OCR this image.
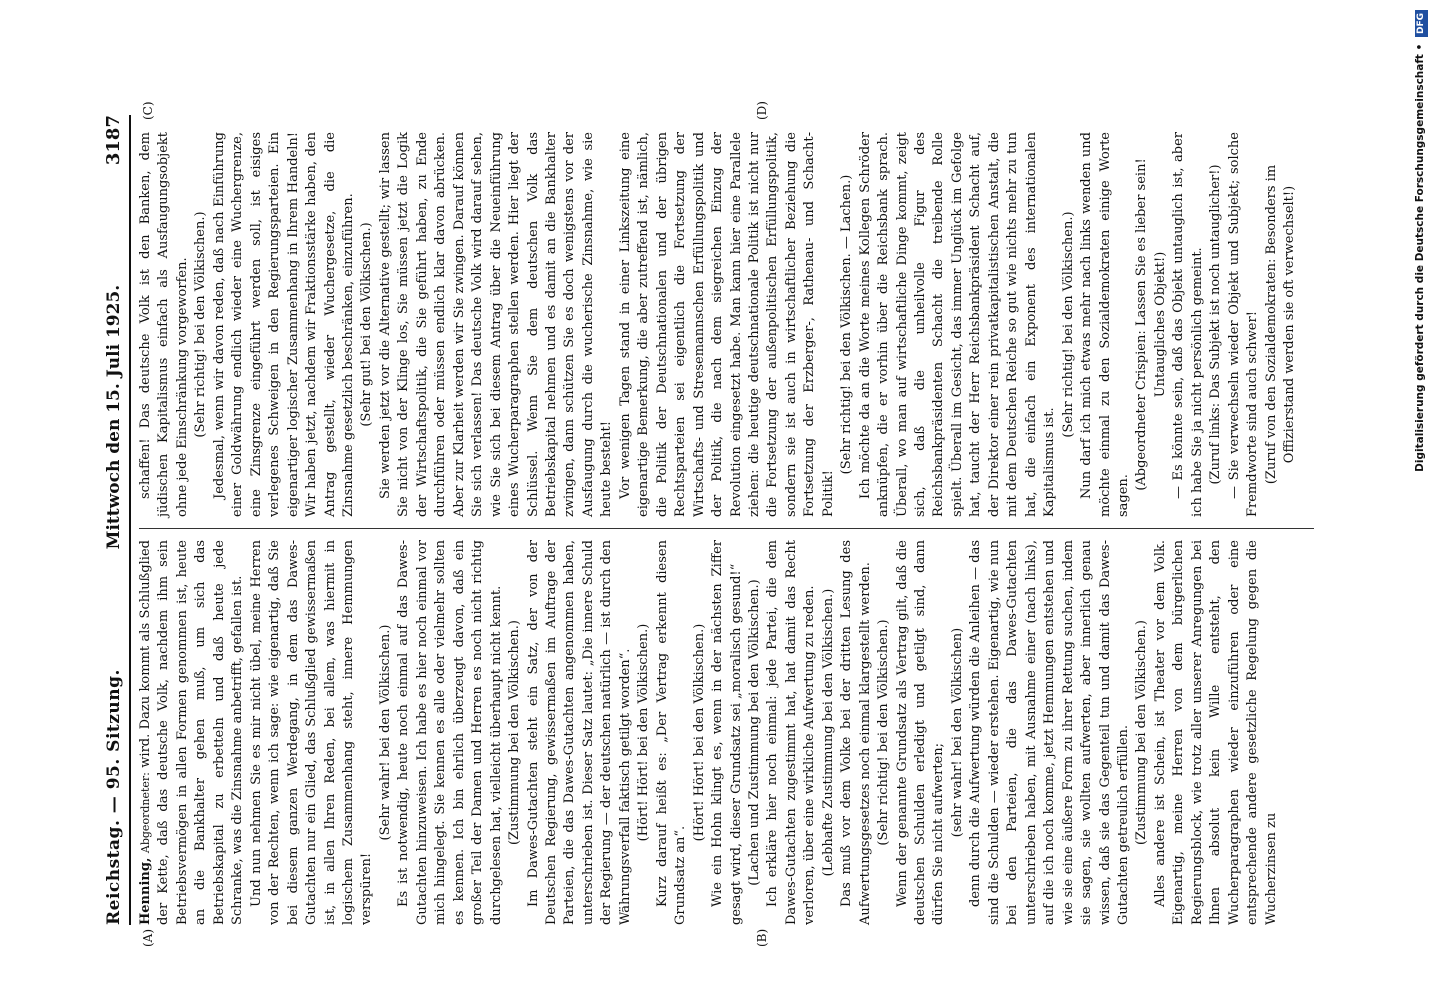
Reichstag. — 95. Sitzung.
Mittwoch den 15. Juli 1925.
3187
(A)	(B)
(C)	(D)

Henning, Abgeordneter: wird. Dazu kommt als Schlußglied der Kette, daß das deutsche Volk, nachdem ihm sein Betriebsvermögen in allen Formen genommen ist, heute an die Bankhalter gehen muß, um sich das Betriebskapital zu erbetteln und daß heute jede Schranke, was die Zinsnahme anbetrifft, gefallen ist. Und nun nehmen Sie es mir nicht übel, meine Herren von der Rechten, wenn ich sage: wie eigenartig, daß Sie bei diesem ganzen Werdegang, in dem das Dawes-Gutachten nur ein Glied, das Schlußglied gewissermaßen ist, in allen Ihren Reden, bei allem, was hiermit in logischem Zusammenhang steht, innere Hemmungen verspüren!

(Sehr wahr! bei den Völkischen.) Es ist notwendig, heute noch einmal auf das Dawes-Gutachten hinzuweisen. Ich habe es hier noch einmal vor mich hingelegt. Sie kennen es alle oder vielmehr sollten es kennen. Ich bin ehrlich überzeugt davon, daß ein großer Teil der Damen und Herren es noch nicht richtig durchgelesen hat, vielleicht überhaupt nicht kennt. (Zustimmung bei den Völkischen.) Im Dawes-Gutachten steht ein Satz, der von der Deutschen Regierung, gewissermaßen im Auftrage der Parteien, die das Dawes-Gutachten angenommen haben, unterschrieben ist. Dieser Satz lautet: „Die innere Schuld der Regierung — der deutschen natürlich — ist durch den Währungsverfall faktisch getilgt worden“. (Hört! Hört! bei den Völkischen.) Kurz darauf heißt es: „Der Vertrag erkennt diesen Grundsatz an“.

(Hört! Hört! bei den Völkischen.) Wie ein Hohn klingt es, wenn in der nächsten Ziffer gesagt wird, dieser Grundsatz sei „moralisch gesund!“ (Lachen und Zustimmung bei den Völkischen.) Ich erkläre hier noch einmal: jede Partei, die dem Dawes-Gutachten zugestimmt hat, hat damit das Recht verloren, über eine wirkliche Aufwertung zu reden. (Lebhafte Zustimmung bei den Völkischen.) Das muß vor dem Volke bei der dritten Lesung des Aufwertungsgesetzes noch einmal klargestellt werden. (Sehr richtig! bei den Völkischen.) Wenn der genannte Grundsatz als Vertrag gilt, daß die deutschen Schulden erledigt und getilgt sind, dann dürfen Sie nicht aufwerten; (sehr wahr! bei den Völkischen) denn durch die Aufwertung würden die Anleihen — das sind die Schulden — wieder erstehen. Eigenartig, wie nun bei den Parteien, die das Dawes-Gutachten unterschrieben haben, mit Ausnahme einer (nach links), auf die ich noch komme, jetzt Hemmungen entstehen und wie sie eine äußere Form zu ihrer Rettung suchen, indem sie sagen, sie wollten aufwerten, aber innerlich genau wissen, daß sie das Gegenteil tun und damit das Dawes-Gutachten getreulich erfüllen. (Zustimmung bei den Völkischen.) Alles andere ist Schein, ist Theater vor dem Volk. Eigenartig, meine Herren von dem bürgerlichen Regierungsblock, wie trotz aller unserer Anregungen bei Ihnen absolut kein Wille entsteht, den Wucherparagraphen wieder einzuführen oder eine entsprechende andere gesetzliche Regelung gegen die Wucherzinsen zu

schaffen! Das deutsche Volk ist den Banken, dem jüdischen Kapitalismus einfach als Ausfaugungsobjekt ohne jede Einschränkung vorgeworfen. (Sehr richtig! bei den Völkischen.) Jedesmal, wenn wir davon reden, daß nach Einführung einer Goldwährung endlich wieder eine Wuchergrenze, eine Zinsgrenze eingeführt werden soll, ist eisiges verlegenes Schweigen in den Regierungsparteien. Ein eigenartiger logischer Zusammenhang in Ihrem Handeln! Wir haben jetzt, nachdem wir Fraktionsstärke haben, den Antrag gestellt, wieder Wuchergesetze, die die Zinsnahme gesetzlich beschränken, einzuführen. (Sehr gut! bei den Völkischen.) Sie werden jetzt vor die Alternative gestellt; wir lassen Sie nicht von der Klinge los, Sie müssen jetzt die Logik der Wirtschaftspolitik, die Sie geführt haben, zu Ende durchführen oder müssen endlich klar davon abrücken. Aber zur Klarheit werden wir Sie zwingen. Darauf können Sie sich verlassen! Das deutsche Volk wird darauf sehen, wie Sie sich bei diesem Antrag über die Neueinführung eines Wucherparagraphen stellen werden. Hier liegt der Schlüssel. Wenn Sie dem deutschen Volk das Betriebskapital nehmen und es damit an die Bankhalter zwingen, dann schützen Sie es doch wenigstens vor der Ausfaugung durch die wucherische Zinsnahme, wie sie heute besteht! Vor wenigen Tagen stand in einer Linkszeitung eine eigenartige Bemerkung, die aber zutreffend ist, nämlich, die Politik der Deutschnationalen und der übrigen Rechtsparteien sei eigentlich die Fortsetzung der Wirtschafts- und Stresemannschen Erfüllungspolitik und der Politik, die nach dem siegreichen Einzug der Revolution eingesetzt habe. Man kann hier eine Parallele ziehen: die heutige deutschnationale Politik ist nicht nur die Fortsetzung der außenpolitischen Erfüllungspolitik, sondern sie ist auch in wirtschaftlicher Beziehung die Fortsetzung der Erzberger-, Rathenau- und Schacht-Politik!

(Sehr richtig! bei den Völkischen. — Lachen.) Ich möchte da an die Worte meines Kollegen Schröder anknüpfen, die er vorhin über die Reichsbank sprach. Überall, wo man auf wirtschaftliche Dinge kommt, zeigt sich, daß die unheilvolle Figur des Reichsbankpräsidenten Schacht die treibende Rolle spielt. Überall im Gesicht, das immer Unglück im Gefolge hat, taucht der Herr Reichsbankpräsident Schacht auf, der Direktor einer rein privatkapitalistischen Anstalt, die mit dem Deutschen Reiche so gut wie nichts mehr zu tun hat, die einfach ein Exponent des internationalen Kapitalismus ist.

(Sehr richtig! bei den Völkischen.) Nun darf ich mich etwas mehr nach links wenden und möchte einmal zu den Sozialdemokraten einige Worte sagen.

(Abgeordneter Crispien: Lassen Sie es lieber sein! Untaugliches Objekt!) — Es könnte sein, daß das Objekt untauglich ist, aber ich habe Sie ja nicht persönlich gemeint. (Zuruf links: Das Subjekt ist noch untauglicher!) — Sie verwechseln wieder Objekt und Subjekt; solche Fremdworte sind auch schwer! (Zuruf von den Sozialdemokraten: Besonders im Offizierstand werden sie oft verwechselt!)	Digitalisierung gefördert durch die Deutsche Forschungsgemeinschaft • DFG
